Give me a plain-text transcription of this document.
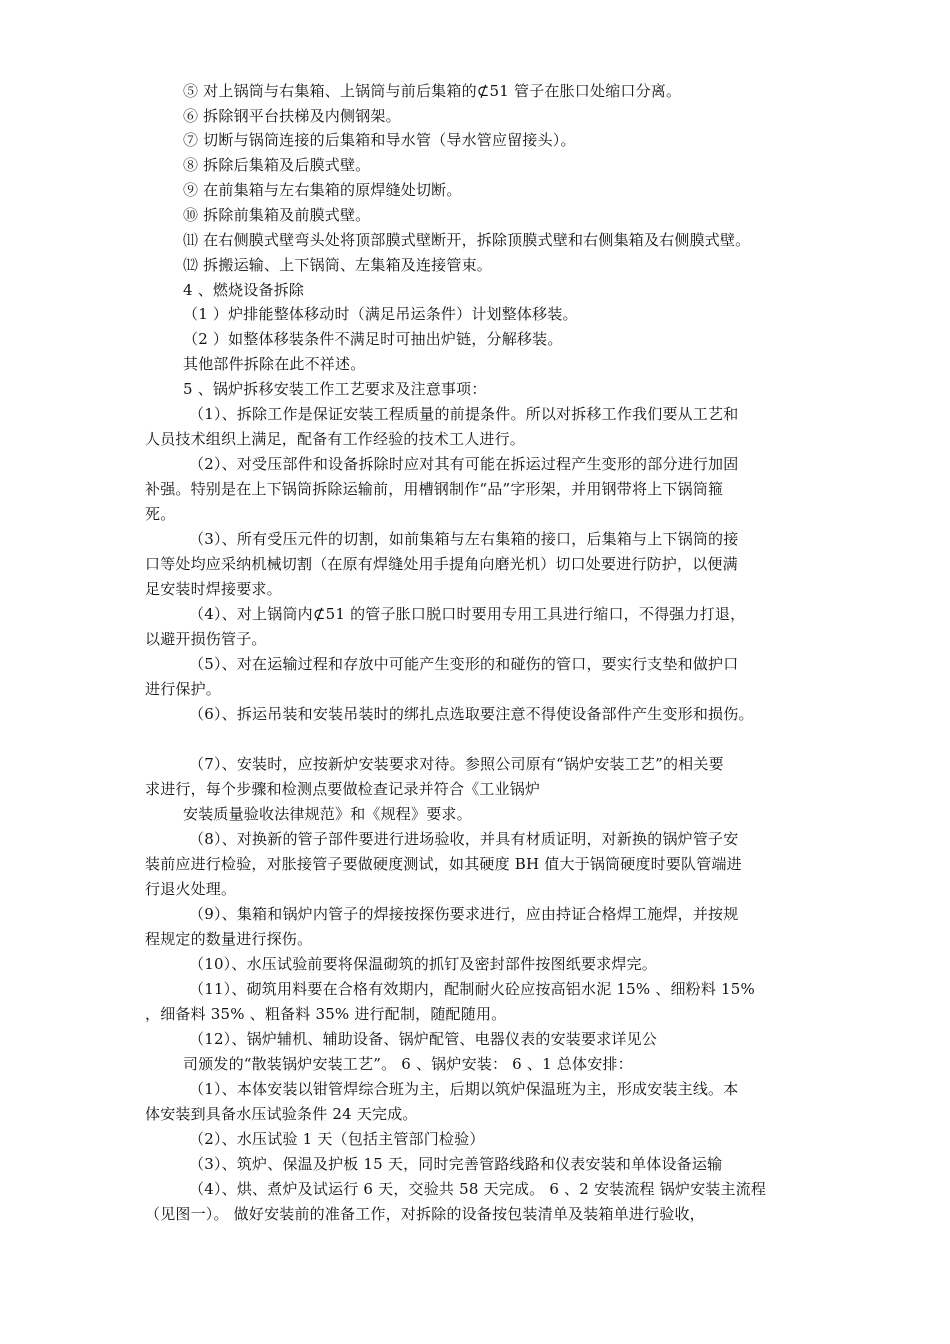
⑤ 对上锅筒与右集箱、上锅筒与前后集箱的⊄51 管子在胀口处缩口分离。
⑥ 拆除钢平台扶梯及内侧钢架。
⑦ 切断与锅筒连接的后集箱和导水管（导水管应留接头）。
⑧ 拆除后集箱及后膜式壁。
⑨ 在前集箱与左右集箱的原焊缝处切断。
⑩ 拆除前集箱及前膜式壁。
⑾ 在右侧膜式壁弯头处将顶部膜式壁断开，拆除顶膜式壁和右侧集箱及右侧膜式壁。
⑿ 拆搬运输、上下锅筒、左集箱及连接管束。
4 、燃烧设备拆除
（1 ）炉排能整体移动时（满足吊运条件）计划整体移装。
（2 ）如整体移装条件不满足时可抽出炉链，分解移装。
其他部件拆除在此不祥述。
5 、锅炉拆移安装工作工艺要求及注意事项：
（1）、拆除工作是保证安装工程质量的前提条件。所以对拆移工作我们要从工艺和
人员技术组织上满足，配备有工作经验的技术工人进行。
（2）、对受压部件和设备拆除时应对其有可能在拆运过程产生变形的部分进行加固
补强。特别是在上下锅筒拆除运输前，用槽钢制作“品”字形架，并用钢带将上下锅筒箍
死。
（3）、所有受压元件的切割，如前集箱与左右集箱的接口，后集箱与上下锅筒的接
口等处均应采纳机械切割（在原有焊缝处用手提角向磨光机）切口处要进行防护，以便满
足安装时焊接要求。
（4）、对上锅筒内⊄51 的管子胀口脱口时要用专用工具进行缩口，不得强力打退，
以避开损伤管子。
（5）、对在运输过程和存放中可能产生变形的和碰伤的管口，要实行支垫和做护口
进行保护。
（6）、拆运吊装和安装吊装时的绑扎点选取要注意不得使设备部件产生变形和损伤。
（7）、安装时，应按新炉安装要求对待。参照公司原有“锅炉安装工艺”的相关要
求进行，每个步骤和检测点要做检查记录并符合《工业锅炉
安装质量验收法律规范》和《规程》要求。
（8）、对换新的管子部件要进行进场验收，并具有材质证明，对新换的锅炉管子安
装前应进行检验，对胀接管子要做硬度测试，如其硬度 BH 值大于锅筒硬度时要队管端进
行退火处理。
（9）、集箱和锅炉内管子的焊接按探伤要求进行，应由持证合格焊工施焊，并按规
程规定的数量进行探伤。
（10）、水压试验前要将保温砌筑的抓钉及密封部件按图纸要求焊完。
（11）、砌筑用料要在合格有效期内，配制耐火砼应按高铝水泥 15% 、细粉料 15%
，细备料 35% 、粗备料 35% 进行配制，随配随用。
（12）、锅炉辅机、辅助设备、锅炉配管、电器仪表的安装要求详见公
司颁发的“散装锅炉安装工艺”。 6 、锅炉安装： 6 、1 总体安排：
（1）、本体安装以钳管焊综合班为主，后期以筑炉保温班为主，形成安装主线。本
体安装到具备水压试验条件 24 天完成。
（2）、水压试验 1 天（包括主管部门检验）
（3）、筑炉、保温及护板 15 天，同时完善管路线路和仪表安装和单体设备运输
（4）、烘、煮炉及试运行 6 天，交验共 58 天完成。 6 、2 安装流程 锅炉安装主流程
（见图一）。 做好安装前的准备工作，对拆除的设备按包装清单及装箱单进行验收，
